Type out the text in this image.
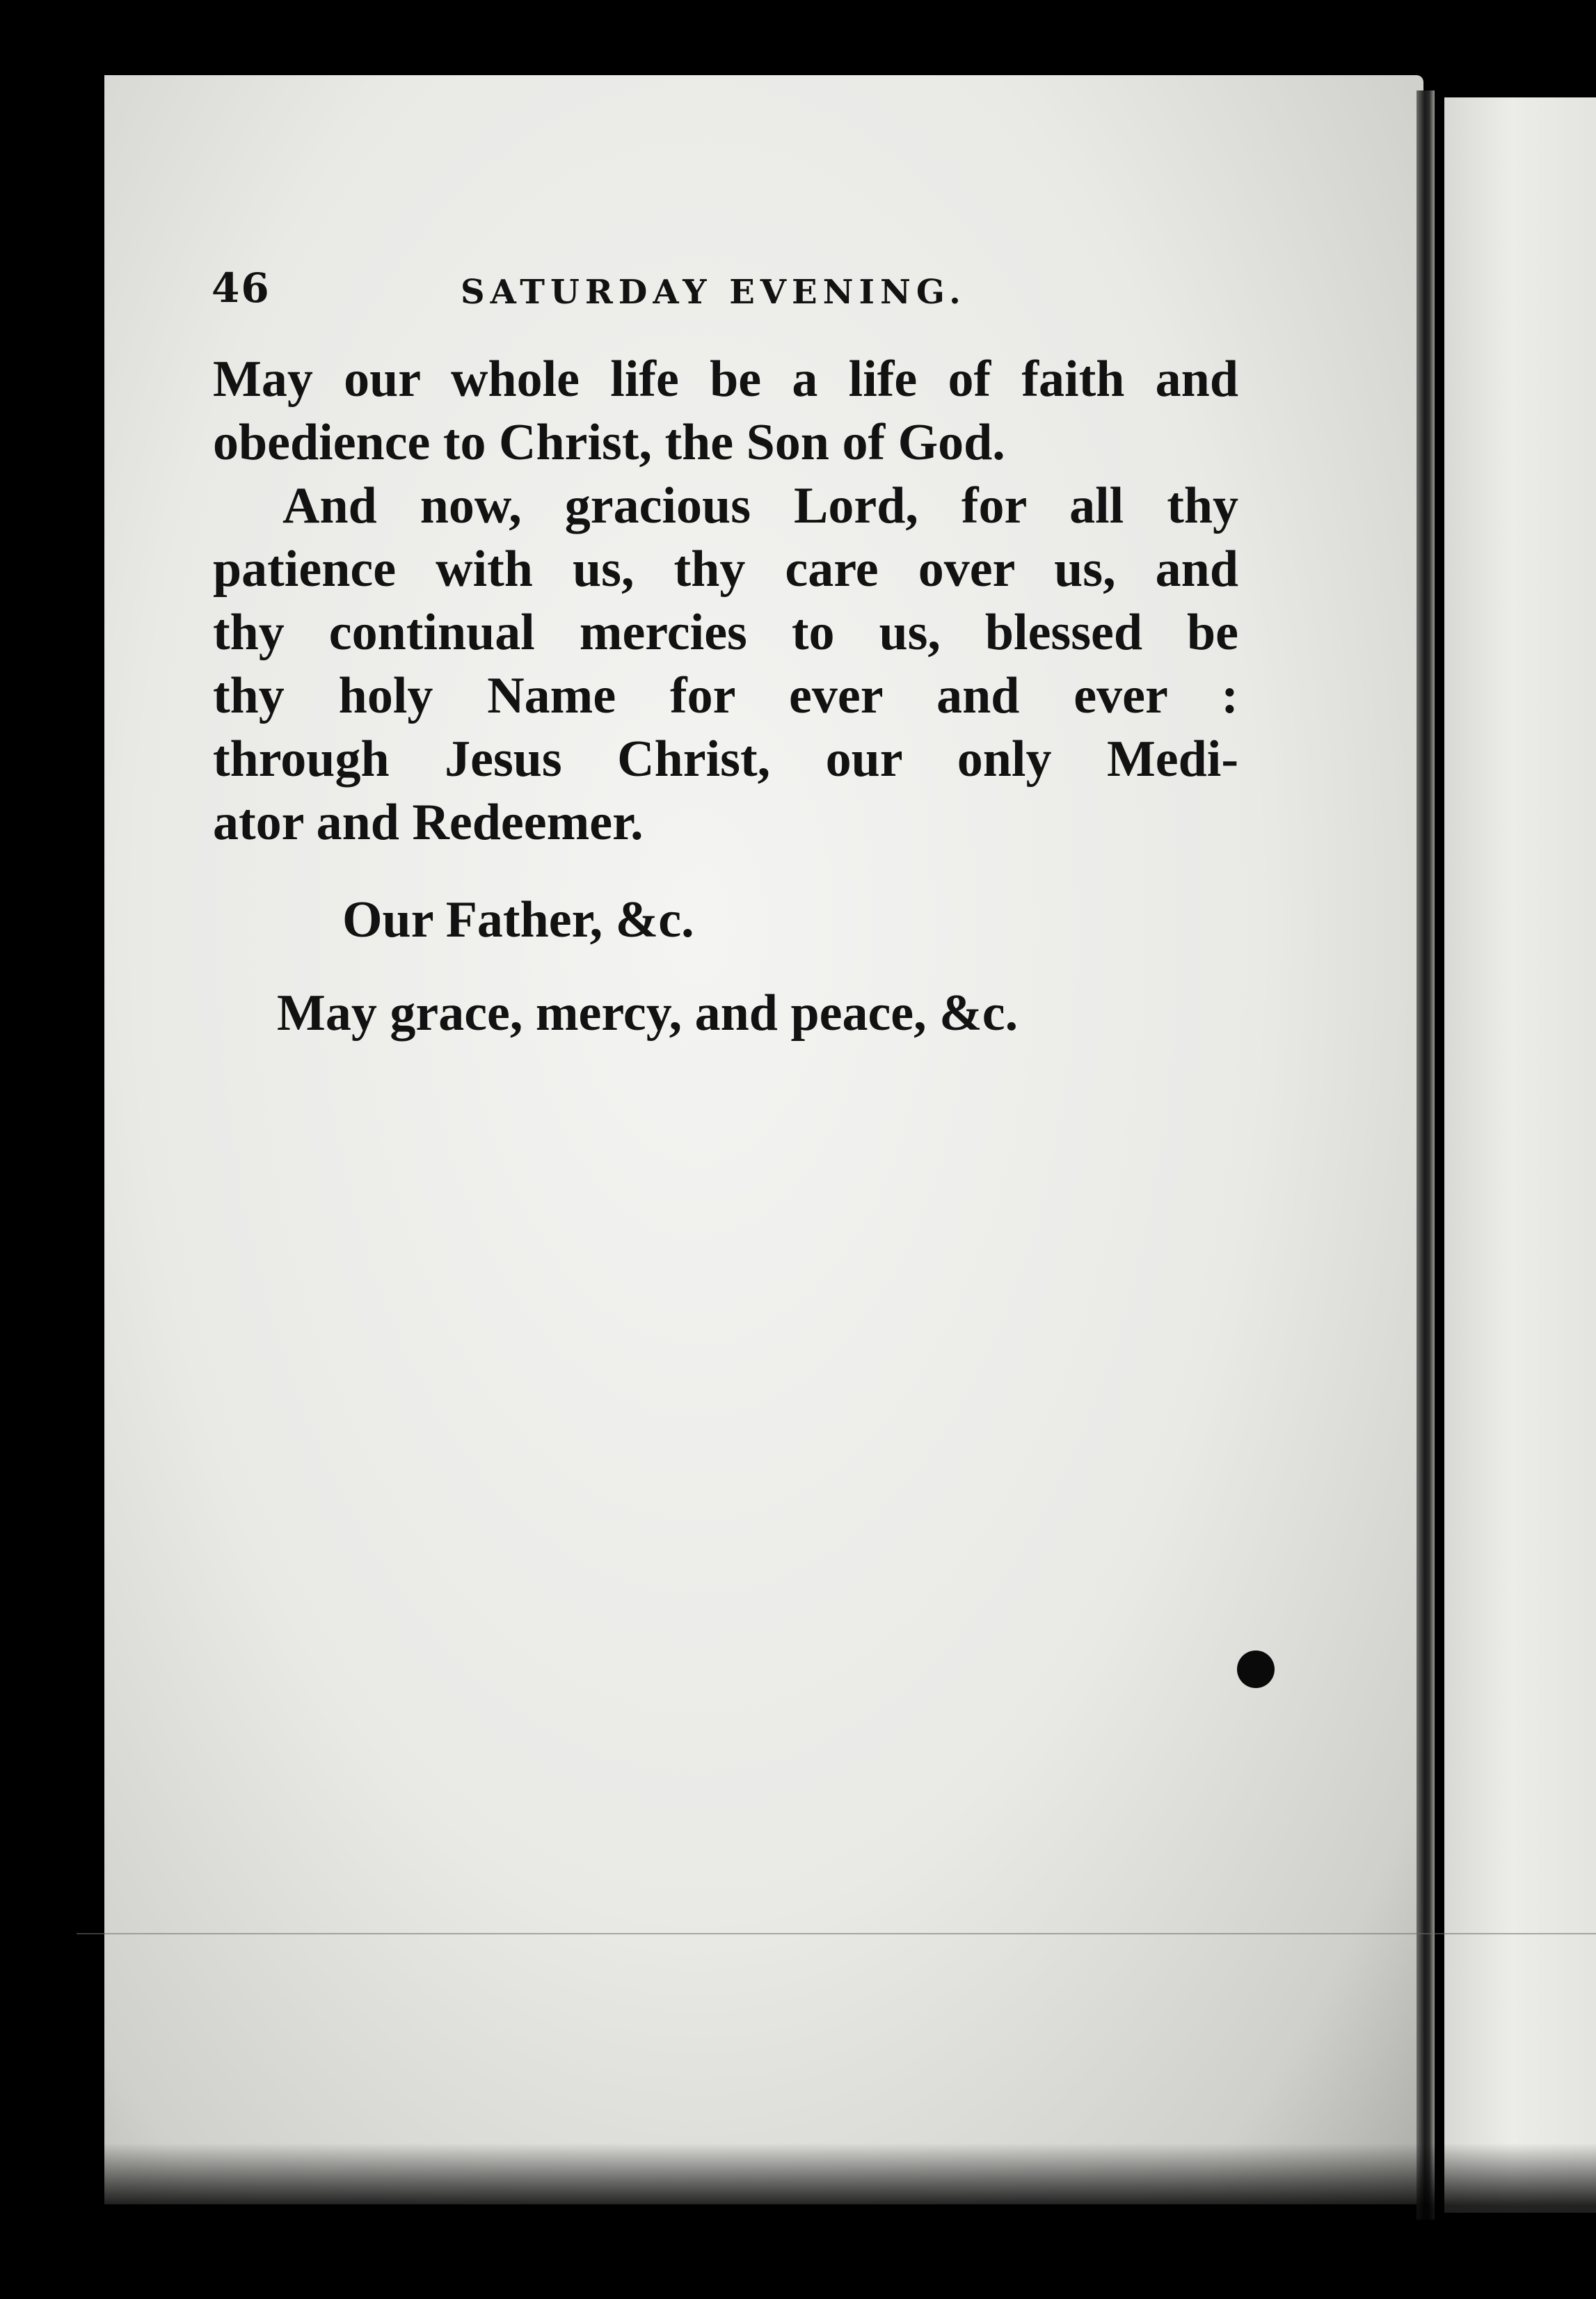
46	SATURDAY EVENING.
May our whole life be a life of faith and
obedience to Christ, the Son of God.
And now, gracious Lord, for all thy
patience with us, thy care over us, and
thy continual mercies to us, blessed be
thy holy Name for ever and ever :
through Jesus Christ, our only Medi-
ator and Redeemer.
Our Father, &c.
May grace, mercy, and peace, &c.
